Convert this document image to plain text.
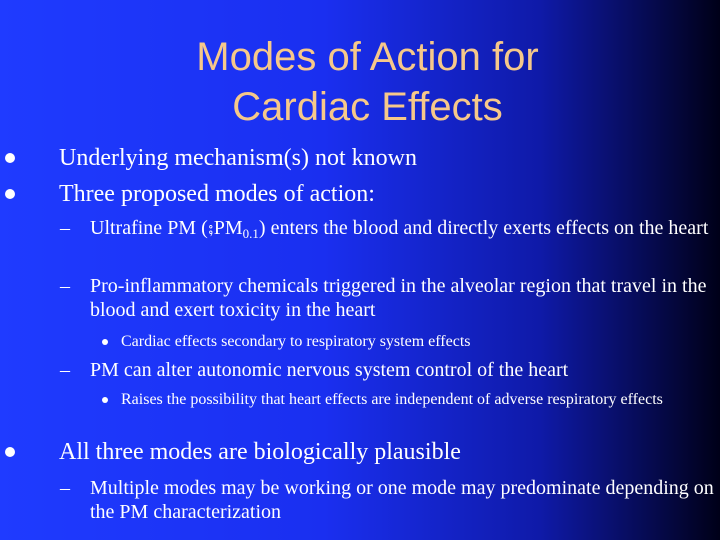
Modes of Action for
Cardiac Effects
Underlying mechanism(s) not known
Three proposed modes of action:
– Ultrafine PM $(⨟PM_{0.1})$ enters the blood and directly exerts effects on the heart
– Pro-inflammatory chemicals triggered in the alveolar region that travel in the blood and exert toxicity in the heart
Cardiac effects secondary to respiratory system effects
– PM can alter autonomic nervous system control of the heart
Raises the possibility that heart effects are independent of adverse respiratory effects
All three modes are biologically plausible
– Multiple modes may be working or one mode may predominate depending on the PM characterization
